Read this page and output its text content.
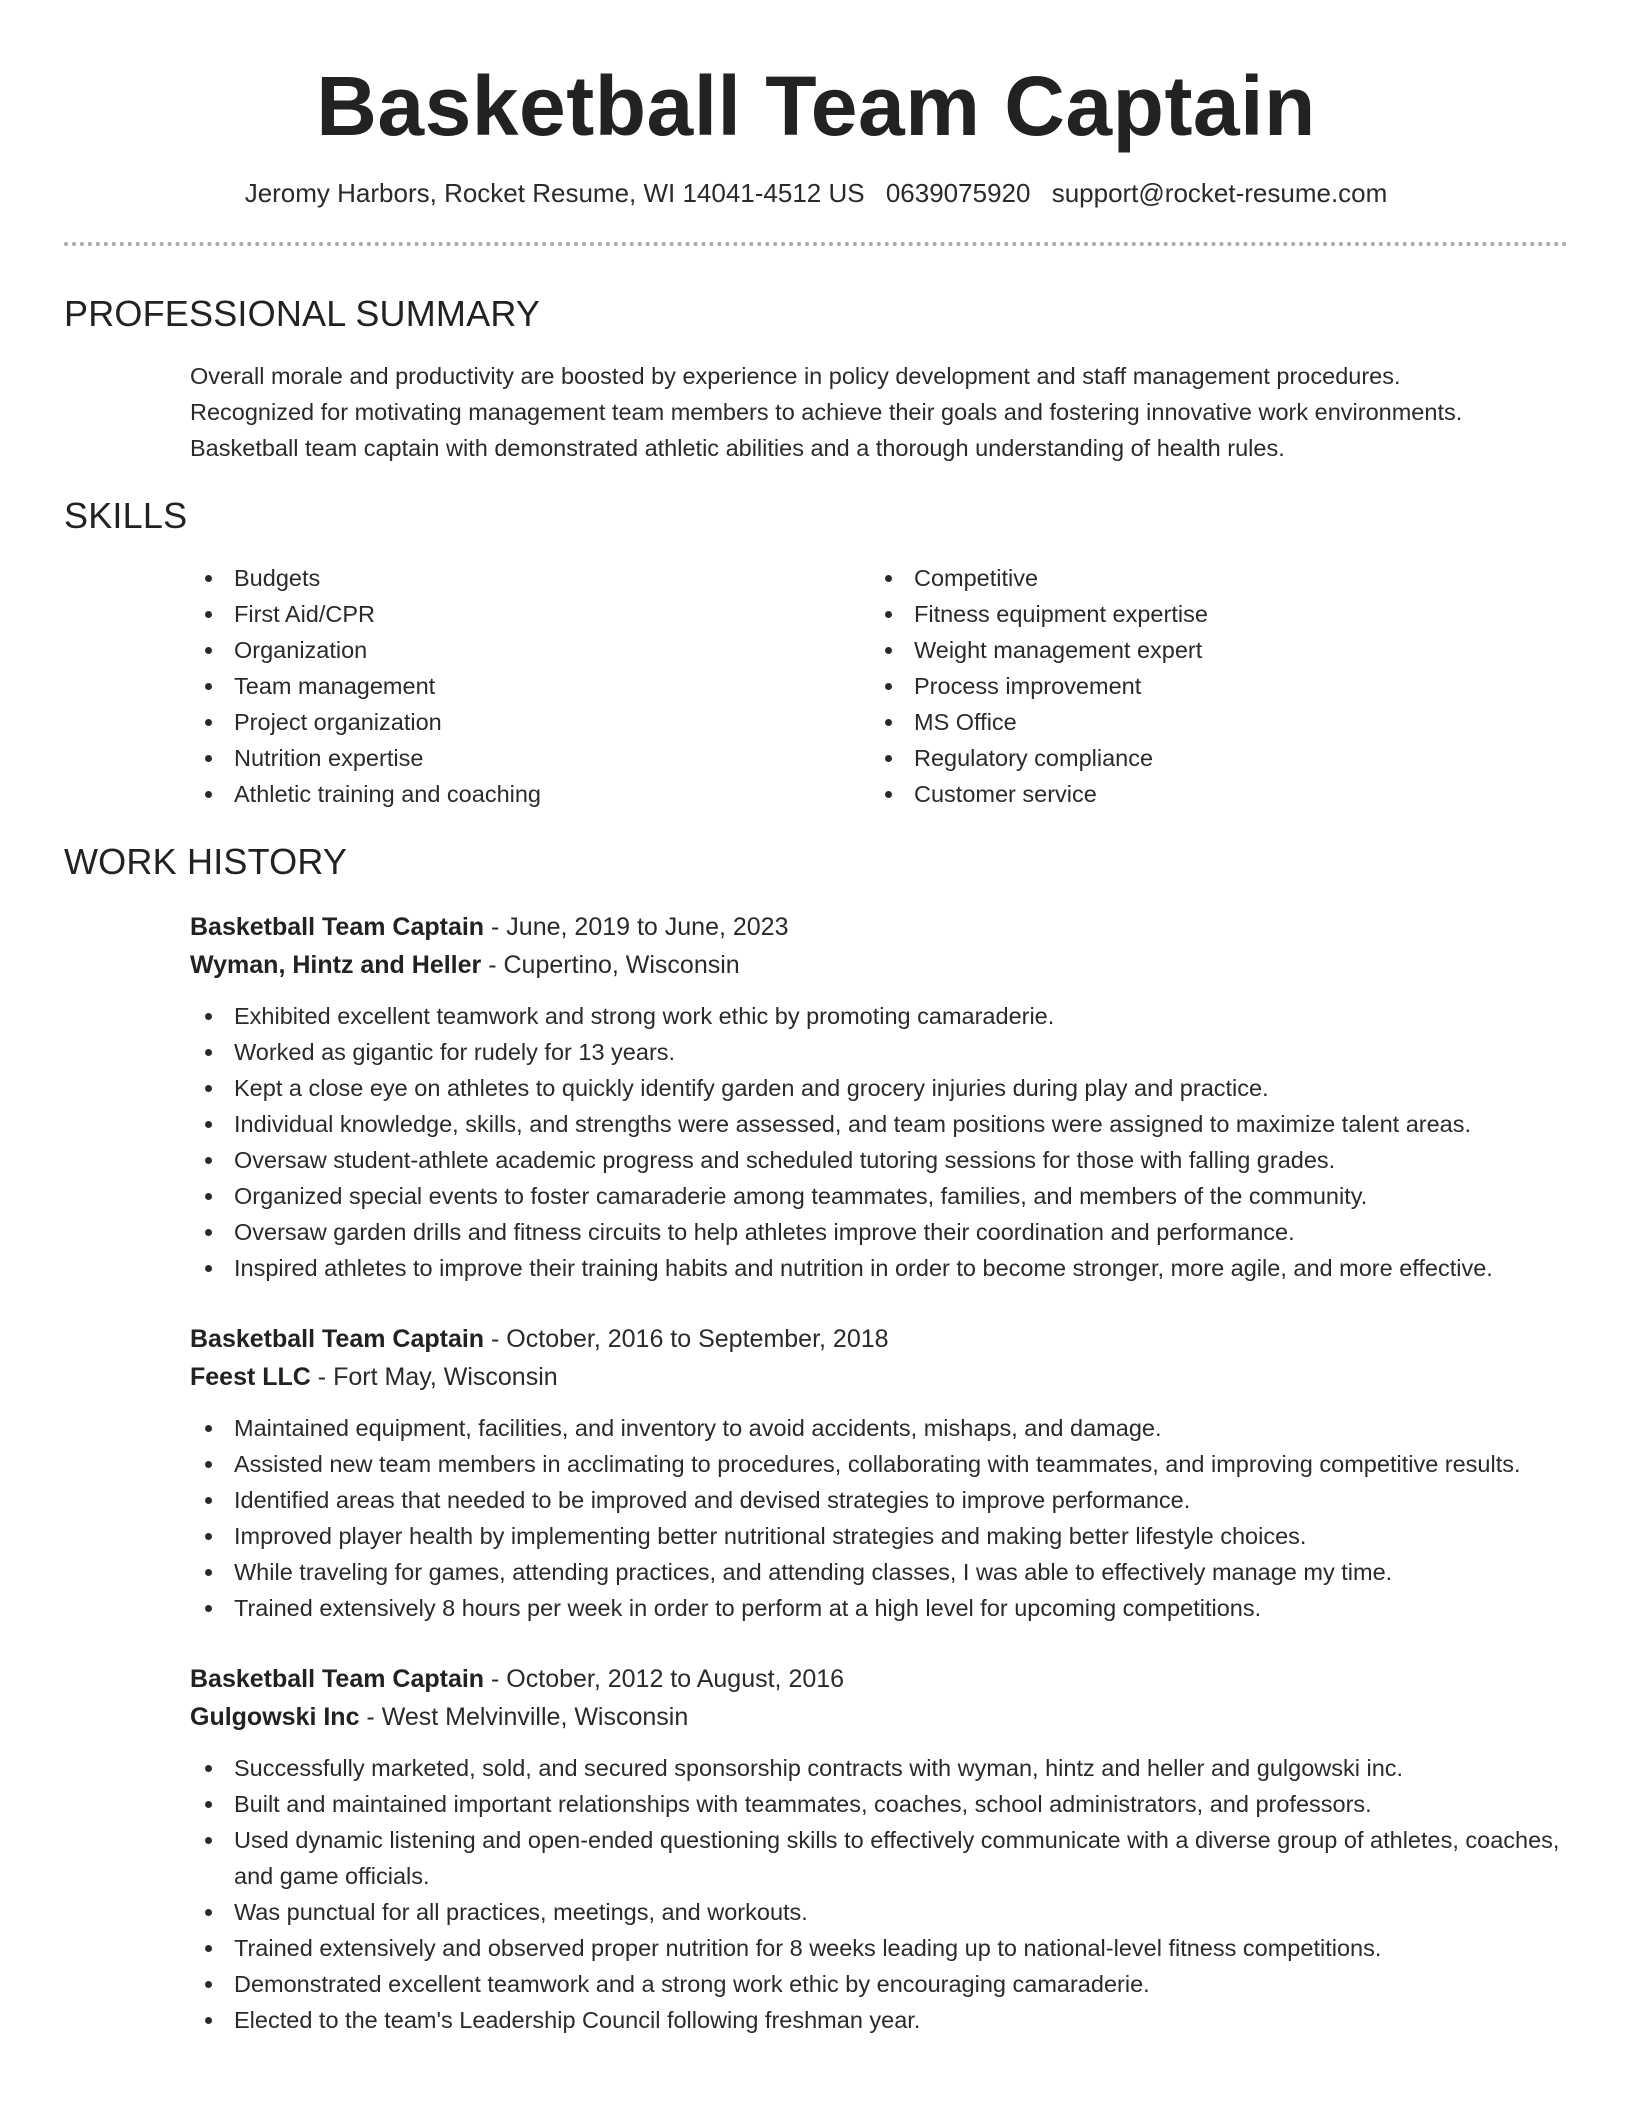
Basketball Team Captain
Jeromy Harbors, Rocket Resume, WI 14041-4512 US 0639075920 support@rocket-resume.com
PROFESSIONAL SUMMARY
Overall morale and productivity are boosted by experience in policy development and staff management procedures.
Recognized for motivating management team members to achieve their goals and fostering innovative work environments.
Basketball team captain with demonstrated athletic abilities and a thorough understanding of health rules.
SKILLS
Budgets
First Aid/CPR
Organization
Team management
Project organization
Nutrition expertise
Athletic training and coaching
Competitive
Fitness equipment expertise
Weight management expert
Process improvement
MS Office
Regulatory compliance
Customer service
WORK HISTORY
Basketball Team Captain - June, 2019 to June, 2023
Wyman, Hintz and Heller - Cupertino, Wisconsin
Exhibited excellent teamwork and strong work ethic by promoting camaraderie.
Worked as gigantic for rudely for 13 years.
Kept a close eye on athletes to quickly identify garden and grocery injuries during play and practice.
Individual knowledge, skills, and strengths were assessed, and team positions were assigned to maximize talent areas.
Oversaw student-athlete academic progress and scheduled tutoring sessions for those with falling grades.
Organized special events to foster camaraderie among teammates, families, and members of the community.
Oversaw garden drills and fitness circuits to help athletes improve their coordination and performance.
Inspired athletes to improve their training habits and nutrition in order to become stronger, more agile, and more effective.
Basketball Team Captain - October, 2016 to September, 2018
Feest LLC - Fort May, Wisconsin
Maintained equipment, facilities, and inventory to avoid accidents, mishaps, and damage.
Assisted new team members in acclimating to procedures, collaborating with teammates, and improving competitive results.
Identified areas that needed to be improved and devised strategies to improve performance.
Improved player health by implementing better nutritional strategies and making better lifestyle choices.
While traveling for games, attending practices, and attending classes, I was able to effectively manage my time.
Trained extensively 8 hours per week in order to perform at a high level for upcoming competitions.
Basketball Team Captain - October, 2012 to August, 2016
Gulgowski Inc - West Melvinville, Wisconsin
Successfully marketed, sold, and secured sponsorship contracts with wyman, hintz and heller and gulgowski inc.
Built and maintained important relationships with teammates, coaches, school administrators, and professors.
Used dynamic listening and open-ended questioning skills to effectively communicate with a diverse group of athletes, coaches, and game officials.
Was punctual for all practices, meetings, and workouts.
Trained extensively and observed proper nutrition for 8 weeks leading up to national-level fitness competitions.
Demonstrated excellent teamwork and a strong work ethic by encouraging camaraderie.
Elected to the team's Leadership Council following freshman year.
